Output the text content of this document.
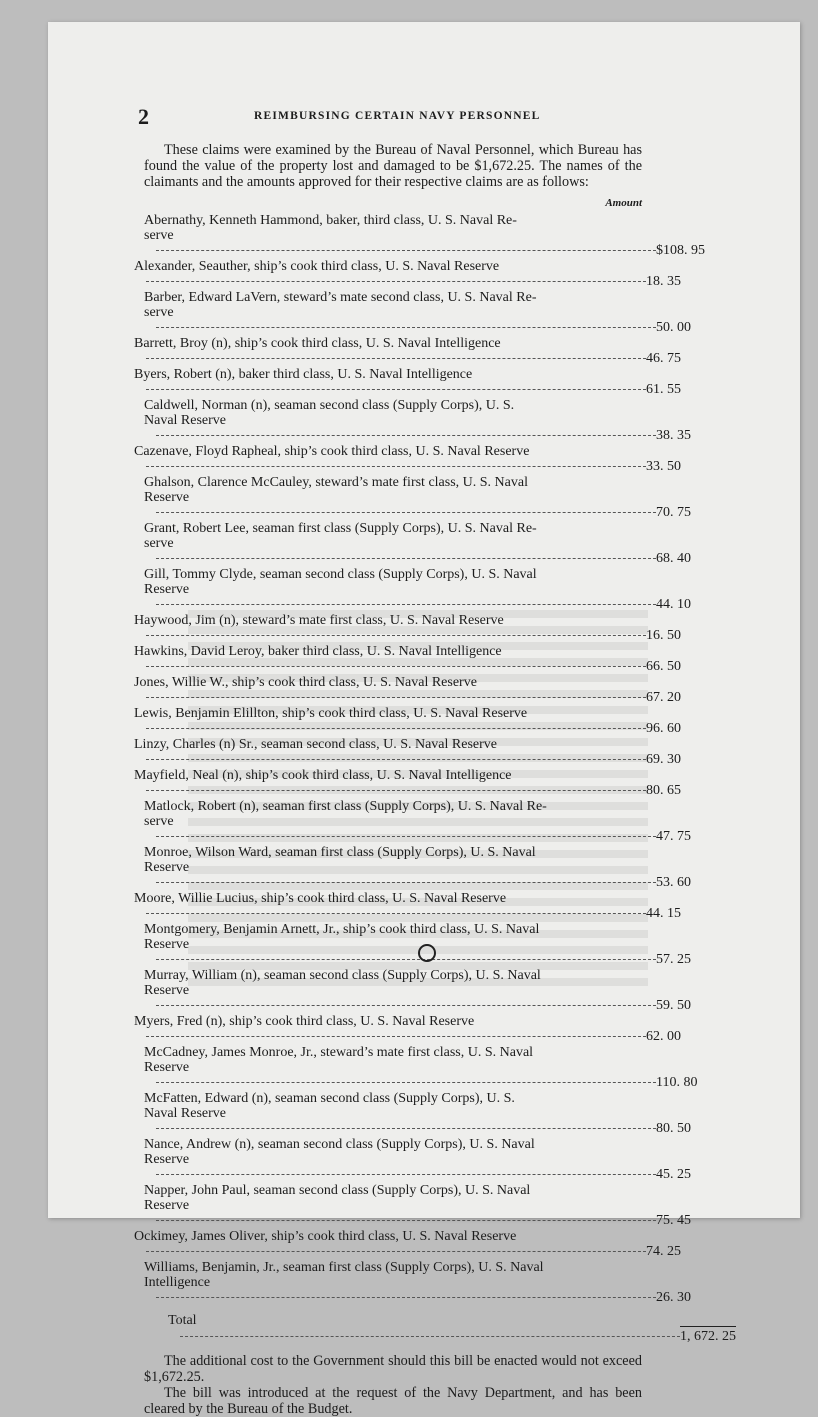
2	REIMBURSING CERTAIN NAVY PERSONNEL

These claims were examined by the Bureau of Naval Personnel, which Bureau has found the value of the property lost and damaged to be $1,672.25. The names of the claimants and the amounts approved for their respective claims are as follows:

Amount
Abernathy, Kenneth Hammond, baker, third class, U. S. Naval Re-
serve
$108. 95
Alexander, Seauther, ship’s cook third class, U. S. Naval Reserve
18. 35
Barber, Edward LaVern, steward’s mate second class, U. S. Naval Re-
serve
50. 00
Barrett, Broy (n), ship’s cook third class, U. S. Naval Intelligence
46. 75
Byers, Robert (n), baker third class, U. S. Naval Intelligence
61. 55
Caldwell, Norman (n), seaman second class (Supply Corps), U. S.
Naval Reserve
38. 35
Cazenave, Floyd Rapheal, ship’s cook third class, U. S. Naval Reserve
33. 50
Ghalson, Clarence McCauley, steward’s mate first class, U. S. Naval
Reserve
70. 75
Grant, Robert Lee, seaman first class (Supply Corps), U. S. Naval Re-
serve
68. 40
Gill, Tommy Clyde, seaman second class (Supply Corps), U. S. Naval
Reserve
44. 10
Haywood, Jim (n), steward’s mate first class, U. S. Naval Reserve
16. 50
Hawkins, David Leroy, baker third class, U. S. Naval Intelligence
66. 50
Jones, Willie W., ship’s cook third class, U. S. Naval Reserve
67. 20
Lewis, Benjamin Elillton, ship’s cook third class, U. S. Naval Reserve
96. 60
Linzy, Charles (n) Sr., seaman second class, U. S. Naval Reserve
69. 30
Mayfield, Neal (n), ship’s cook third class, U. S. Naval Intelligence
80. 65
Matlock, Robert (n), seaman first class (Supply Corps), U. S. Naval Re-
serve
47. 75
Monroe, Wilson Ward, seaman first class (Supply Corps), U. S. Naval
Reserve
53. 60
Moore, Willie Lucius, ship’s cook third class, U. S. Naval Reserve
44. 15
Montgomery, Benjamin Arnett, Jr., ship’s cook third class, U. S. Naval
Reserve
57. 25
Murray, William (n), seaman second class (Supply Corps), U. S. Naval
Reserve
59. 50
Myers, Fred (n), ship’s cook third class, U. S. Naval Reserve
62. 00
McCadney, James Monroe, Jr., steward’s mate first class, U. S. Naval
Reserve
110. 80
McFatten, Edward (n), seaman second class (Supply Corps), U. S.
Naval Reserve
80. 50
Nance, Andrew (n), seaman second class (Supply Corps), U. S. Naval
Reserve
45. 25
Napper, John Paul, seaman second class (Supply Corps), U. S. Naval
Reserve
75. 45
Ockimey, James Oliver, ship’s cook third class, U. S. Naval Reserve
74. 25
Williams, Benjamin, Jr., seaman first class (Supply Corps), U. S. Naval
Intelligence
26. 30
Total
1, 672. 25

The additional cost to the Government should this bill be enacted would not exceed $1,672.25.

The bill was introduced at the request of the Navy Department, and has been cleared by the Bureau of the Budget.
